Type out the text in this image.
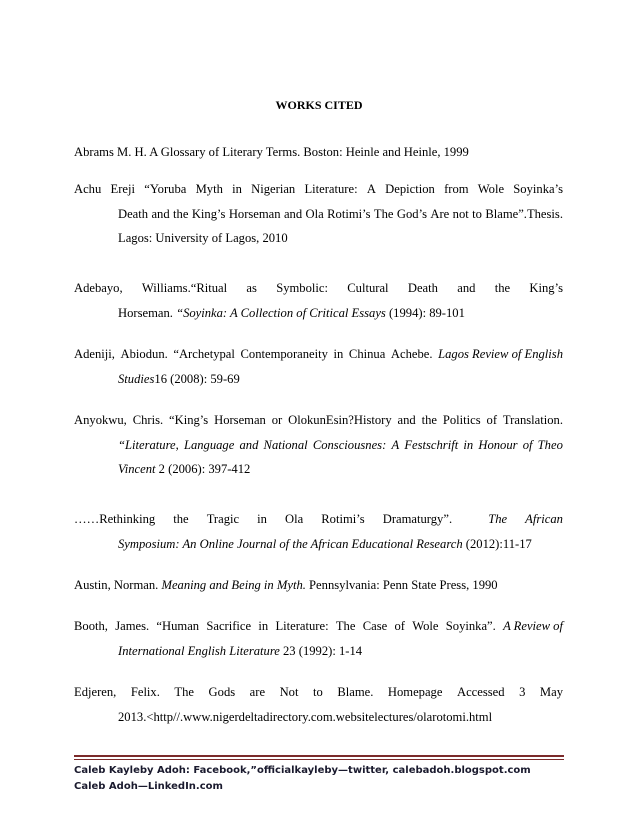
WORKS CITED
Abrams M. H. A Glossary of Literary Terms. Boston: Heinle and Heinle, 1999
Achu Ereji “Yoruba Myth in Nigerian Literature: A Depiction from Wole Soyinka’s
Death and the King’s Horseman and Ola Rotimi’s The God’s Are not to Blame”.Thesis.
Lagos: University of Lagos, 2010
Adebayo, Williams.“Ritual as Symbolic: Cultural Death and the King’s
Horseman. “Soyinka: A Collection of Critical Essays (1994): 89-101
Adeniji, Abiodun. “Archetypal Contemporaneity in Chinua Achebe. Lagos Review of English
Studies16 (2008): 59-69
Anyokwu, Chris. “King’s Horseman or OlokunEsin?History and the Politics of Translation.
“Literature, Language and National Consciousnes: A Festschrift in Honour of Theo
Vincent 2 (2006): 397-412
……Rethinking the Tragic in Ola Rotimi’s Dramaturgy”.	The African
Symposium: An Online Journal of the African Educational Research (2012):11-17
Austin, Norman. Meaning and Being in Myth. Pennsylvania: Penn State Press, 1990
Booth, James. “Human Sacrifice in Literature: The Case of Wole Soyinka”. A Review of
International English Literature 23 (1992): 1-14
Edjeren, Felix. The Gods are Not to Blame. Homepage Accessed 3 May
2013.<http//.www.nigerdeltadirectory.com.websitelectures/olarotomi.html
Caleb Kayleby Adoh: Facebook,”officialkayleby—twitter, calebadoh.blogspot.com
Caleb Adoh—LinkedIn.com
